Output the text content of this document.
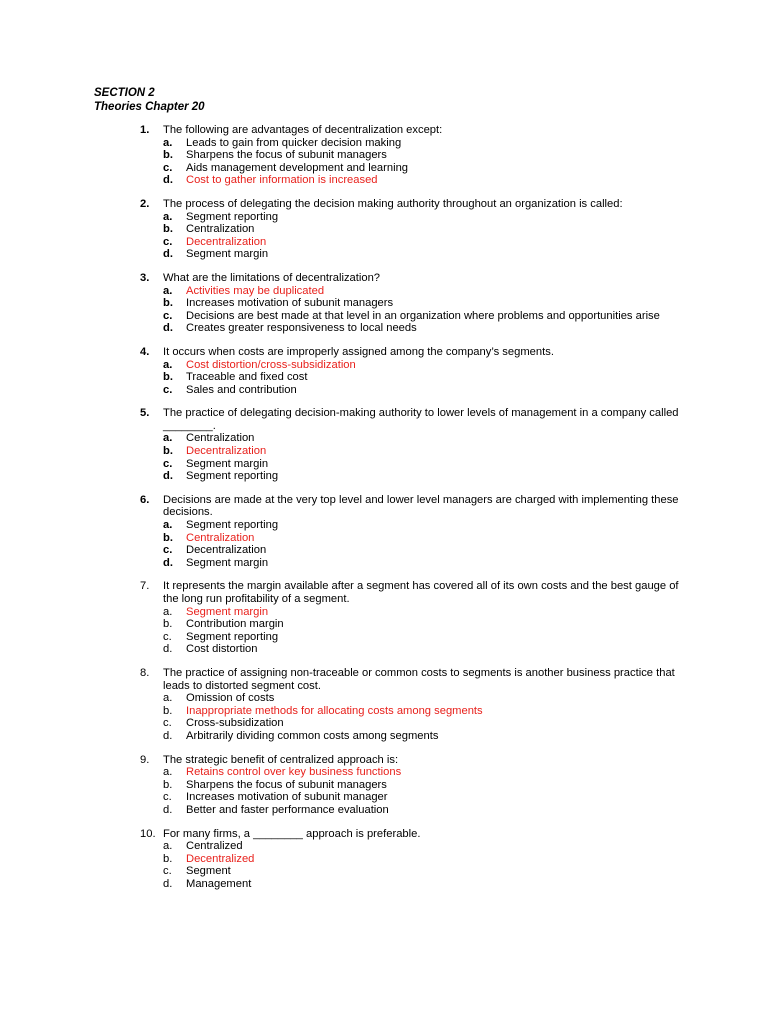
SECTION 2
Theories Chapter 20
1.	The following are advantages of decentralization except:
a. Leads to gain from quicker decision making
b. Sharpens the focus of subunit managers
c. Aids management development and learning
d. Cost to gather information is increased
2.	The process of delegating the decision making authority throughout an organization is called:
a. Segment reporting
b. Centralization
c. Decentralization
d. Segment margin
3.	What are the limitations of decentralization?
a. Activities may be duplicated
b. Increases motivation of subunit managers
c. Decisions are best made at that level in an organization where problems and opportunities arise
d. Creates greater responsiveness to local needs
4.	It occurs when costs are improperly assigned among the company’s segments.
a. Cost distortion/cross-subsidization
b. Traceable and fixed cost
c. Sales and contribution
5.	The practice of delegating decision-making authority to lower levels of management in a company called ________.
a. Centralization
b. Decentralization
c. Segment margin
d. Segment reporting
6.	Decisions are made at the very top level and lower level managers are charged with implementing these decisions.
a. Segment reporting
b. Centralization
c. Decentralization
d. Segment margin
7.	It represents the margin available after a segment has covered all of its own costs and the best gauge of the long run profitability of a segment.
a. Segment margin
b. Contribution margin
c. Segment reporting
d. Cost distortion
8.	The practice of assigning non-traceable or common costs to segments is another business practice that leads to distorted segment cost.
a. Omission of costs
b. Inappropriate methods for allocating costs among segments
c. Cross-subsidization
d. Arbitrarily dividing common costs among segments
9.	The strategic benefit of centralized approach is:
a. Retains control over key business functions
b. Sharpens the focus of subunit managers
c. Increases motivation of subunit manager
d. Better and faster performance evaluation
10. For many firms, a ________ approach is preferable.
a. Centralized
b. Decentralized
c. Segment
d. Management
